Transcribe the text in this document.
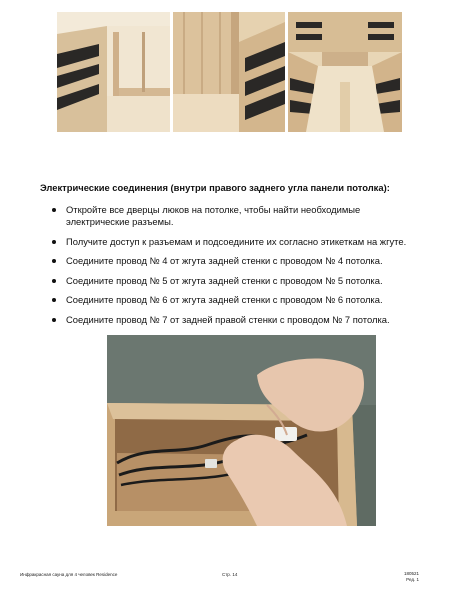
Электрические соединения (внутри правого заднего угла панели потолка):
Откройте все дверцы люков на потолке, чтобы найти необходимые электрические разъемы.
Получите доступ к разъемам и подсоедините их согласно этикеткам на жгуте.
Соедините провод № 4 от жгута задней стенки с проводом № 4 потолка.
Соедините провод № 5 от жгута задней стенки с проводом № 5 потолка.
Соедините провод № 6 от жгута задней стенки с проводом № 6 потолка.
Соедините провод № 7 от задней правой стенки с проводом № 7 потолка.
Инфракрасная сауна для 4 человек Residence	Стр. 14	180521
Ред. 1
